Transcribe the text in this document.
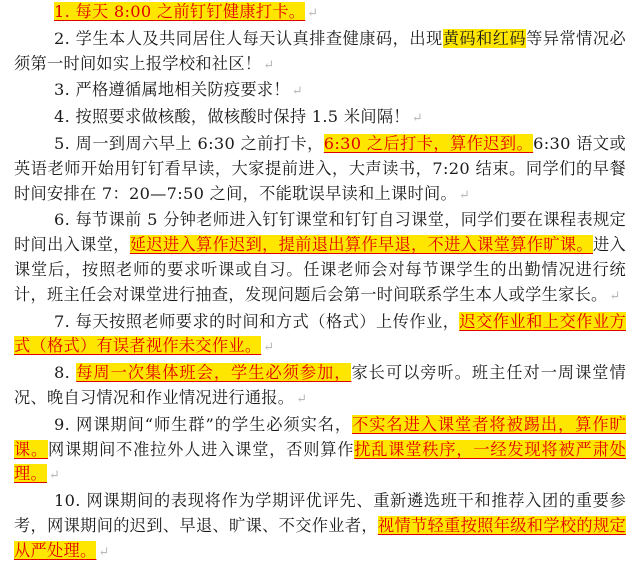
1. 每天 8:00 之前钉钉健康打卡。 ↵

2. 学生本人及共同居住人每天认真排查健康码，出现黄码和红码等异常情况必须第一时间如实上报学校和社区！ ↵

3. 严格遵循属地相关防疫要求！ ↵

4. 按照要求做核酸，做核酸时保持 1.5 米间隔！ ↵

5. 周一到周六早上 6:30 之前打卡，6:30 之后打卡，算作迟到。6:30 语文或英语老师开始用钉钉看早读，大家提前进入，大声读书，7:20 结束。同学们的早餐时间安排在 7：20—7:50 之间，不能耽误早读和上课时间。 ↵

6. 每节课前 5 分钟老师进入钉钉课堂和钉钉自习课堂，同学们要在课程表规定时间出入课堂，延迟进入算作迟到，提前退出算作早退，不进入课堂算作旷课。进入课堂后，按照老师的要求听课或自习。任课老师会对每节课学生的出勤情况进行统计，班主任会对课堂进行抽查，发现问题后会第一时间联系学生本人或学生家长。 ↵

7. 每天按照老师要求的时间和方式（格式）上传作业，迟交作业和上交作业方式（格式）有误者视作未交作业。 ↵

8. 每周一次集体班会，学生必须参加，家长可以旁听。班主任对一周课堂情况、晚自习情况和作业情况进行通报。 ↵

9. 网课期间“师生群”的学生必须实名，不实名进入课堂者将被踢出，算作旷课。网课期间不准拉外人进入课堂，否则算作扰乱课堂秩序，一经发现将被严肃处理。 ↵

10. 网课期间的表现将作为学期评优评先、重新遴选班干和推荐入团的重要参考，网课期间的迟到、早退、旷课、不交作业者，视情节轻重按照年级和学校的规定从严处理。 ↵
